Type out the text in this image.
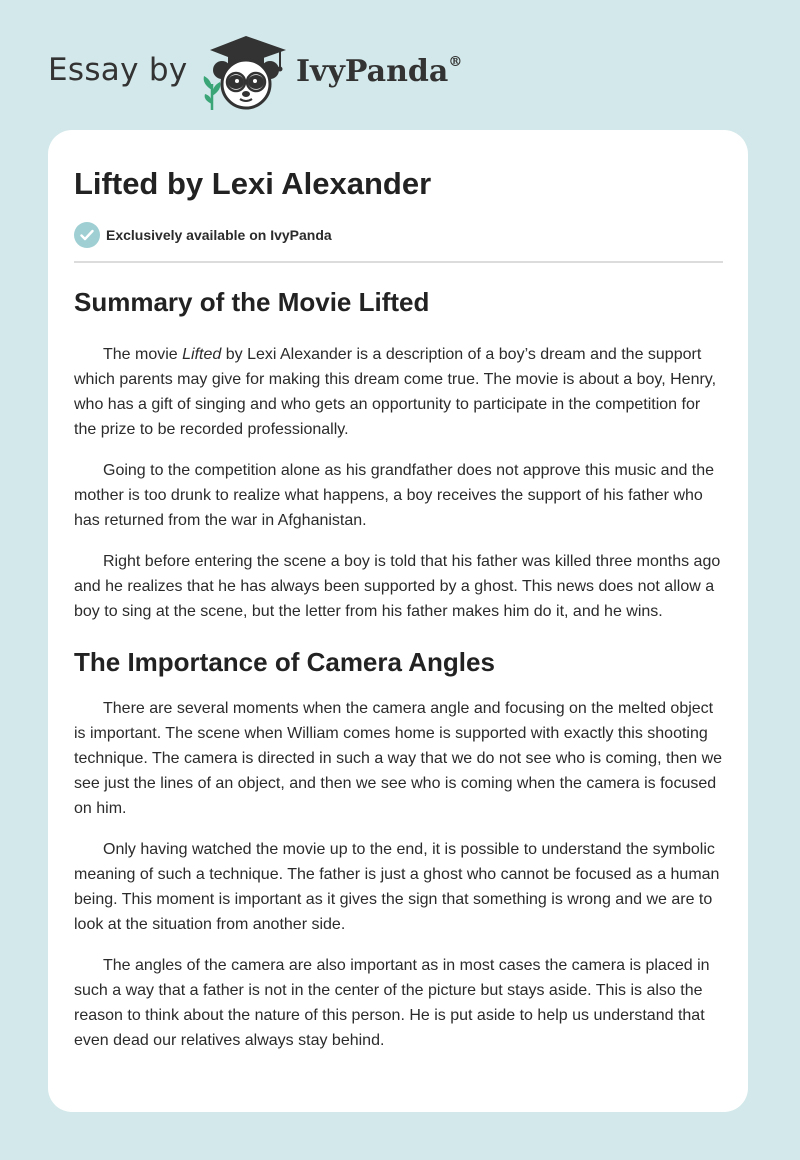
Essay by	IvyPanda®
Lifted by Lexi Alexander
Exclusively available on IvyPanda
Summary of the Movie Lifted

The movie Lifted by Lexi Alexander is a description of a boy’s dream and the support which parents may give for making this dream come true. The movie is about a boy, Henry, who has a gift of singing and who gets an opportunity to participate in the competition for the prize to be recorded professionally.

Going to the competition alone as his grandfather does not approve this music and the mother is too drunk to realize what happens, a boy receives the support of his father who has returned from the war in Afghanistan.

Right before entering the scene a boy is told that his father was killed three months ago and he realizes that he has always been supported by a ghost. This news does not allow a boy to sing at the scene, but the letter from his father makes him do it, and he wins.

The Importance of Camera Angles

There are several moments when the camera angle and focusing on the melted object is important. The scene when William comes home is supported with exactly this shooting technique. The camera is directed in such a way that we do not see who is coming, then we see just the lines of an object, and then we see who is coming when the camera is focused on him.

Only having watched the movie up to the end, it is possible to understand the symbolic meaning of such a technique. The father is just a ghost who cannot be focused as a human being. This moment is important as it gives the sign that something is wrong and we are to look at the situation from another side.

The angles of the camera are also important as in most cases the camera is placed in such a way that a father is not in the center of the picture but stays aside. This is also the reason to think about the nature of this person. He is put aside to help us understand that even dead our relatives always stay behind.
